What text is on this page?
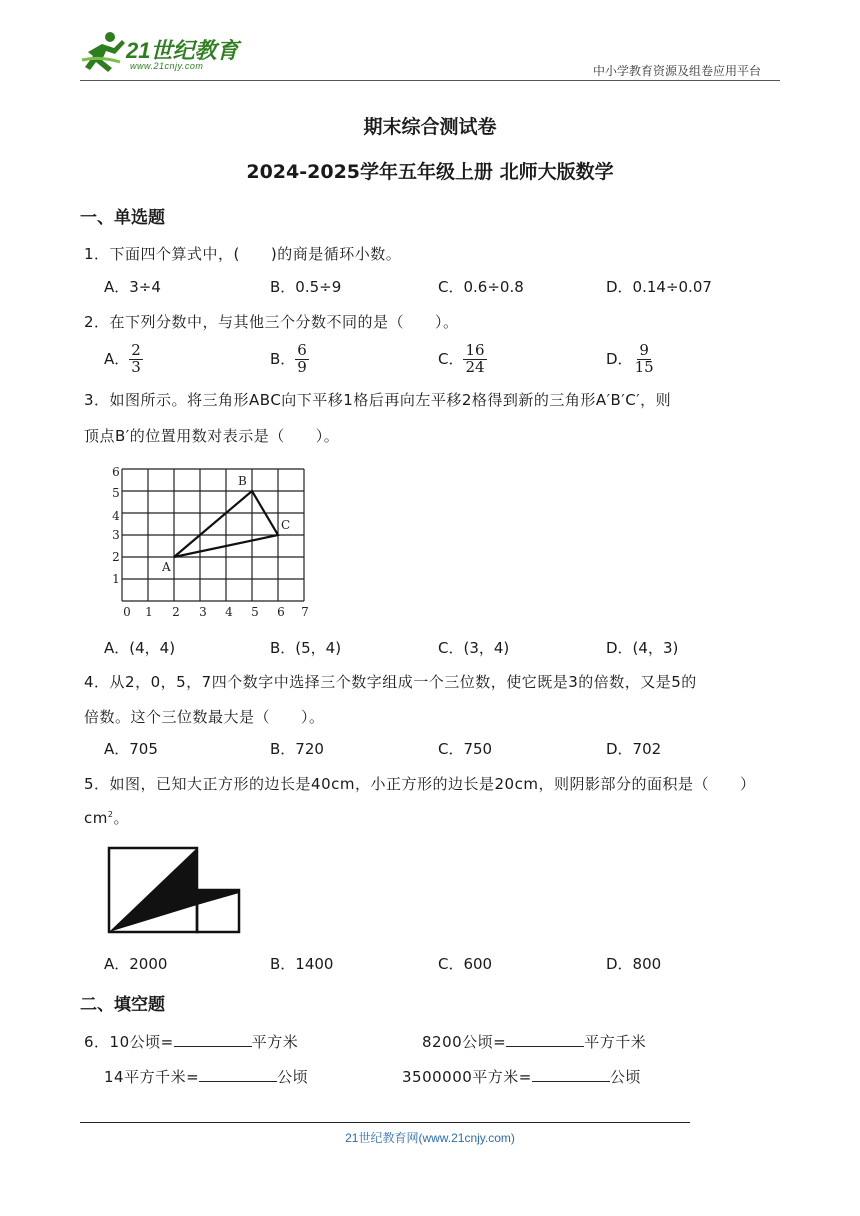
21世纪教育
www.21cnjy.com	中小学教育资源及组卷应用平台
期末综合测试卷
2024-2025学年五年级上册 北师大版数学
一、单选题
1．下面四个算式中，(　　)的商是循环小数。
A．3÷4	B．0.5÷9	C．0.6÷0.8	D．0.14÷0.07
2．在下列分数中，与其他三个分数不同的是（　　）。
A． $\frac{2}{3}$	B． $\frac{6}{9}$	C． $\frac{16}{24}$	D． $\frac{9}{15}$
3．如图所示。将三角形ABC向下平移1格后再向左平移2格得到新的三角形A′B′C′，则
顶点B′的位置用数对表示是（　　）。
0 1 2 3 4 5 6 7
1
2
3
4
5
6
A
B
C
A．(4，4)	B．(5，4)	C．(3，4)	D．(4，3)
4．从2，0，5，7四个数字中选择三个数字组成一个三位数，使它既是3的倍数，又是5的
倍数。这个三位数最大是（　　）。
A．705	B．720	C．750	D．702
5．如图，已知大正方形的边长是40cm，小正方形的边长是20cm，则阴影部分的面积是（　　）
$cm^2$。
A．2000	B．1400	C．600	D．800
二、填空题
6．10公顷=	平方米	8200公顷=	平方千米
14平方千米=	公顷	3500000平方米=	公顷
21世纪教育网(www.21cnjy.com)
